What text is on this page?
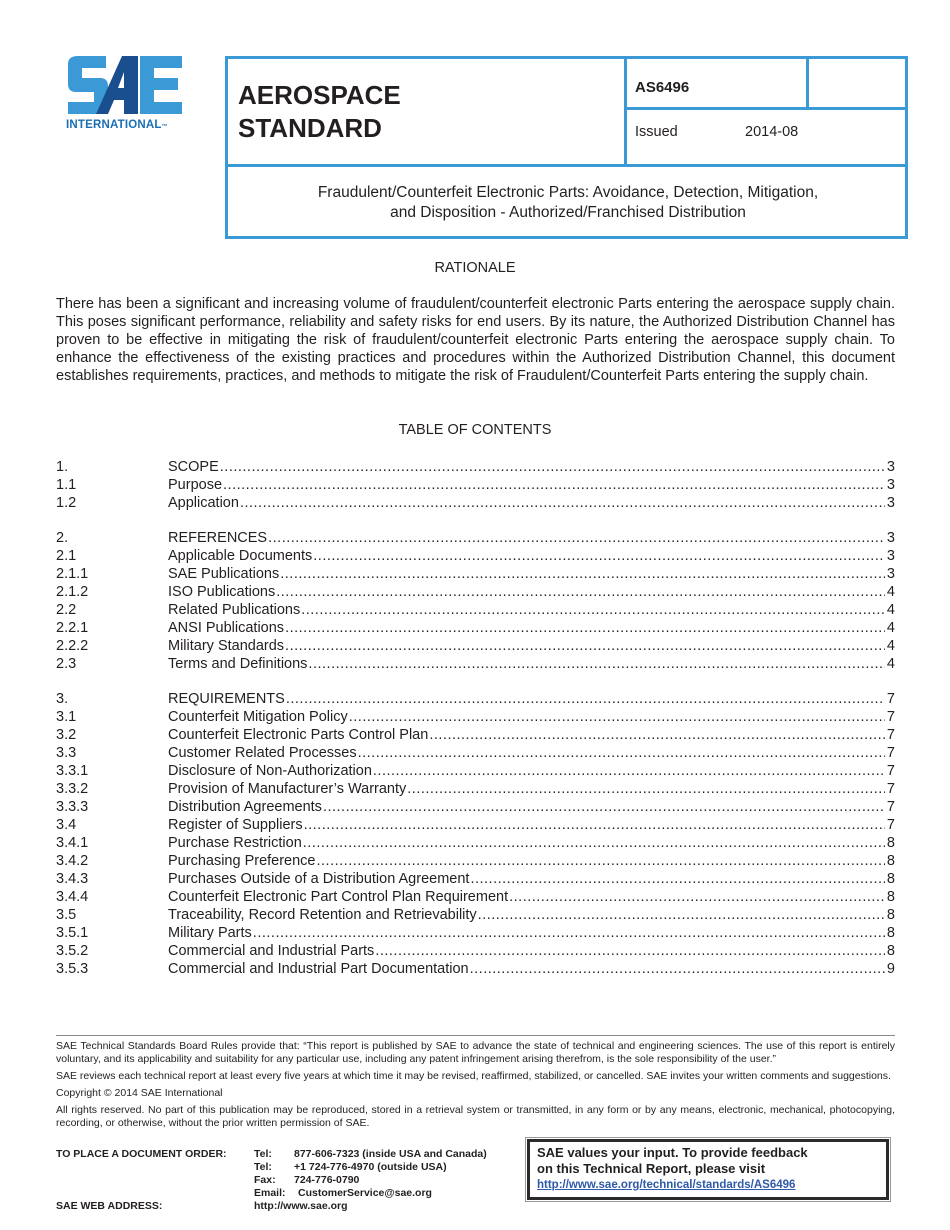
INTERNATIONAL™
AEROSPACE
STANDARD
AS6496
Issued	2014-08
Fraudulent/Counterfeit Electronic Parts: Avoidance, Detection, Mitigation,
and Disposition - Authorized/Franchised Distribution
RATIONALE
There has been a significant and increasing volume of fraudulent/counterfeit electronic Parts entering the aerospace supply chain. This poses significant performance, reliability and safety risks for end users. By its nature, the Authorized Distribution Channel has proven to be effective in mitigating the risk of fraudulent/counterfeit electronic Parts entering the aerospace supply chain. To enhance the effectiveness of the existing practices and procedures within the Authorized Distribution Channel, this document establishes requirements, practices, and methods to mitigate the risk of Fraudulent/Counterfeit Parts entering the supply chain.
TABLE OF CONTENTS
1.	SCOPE .....	3
1.1	Purpose .....	3
1.2	Application .....	3
2.	REFERENCES .....	3
2.1	Applicable Documents .....	3
2.1.1	SAE Publications .....	3
2.1.2	ISO Publications .....	4
2.2	Related Publications .....	4
2.2.1	ANSI Publications .....	4
2.2.2	Military Standards .....	4
2.3	Terms and Definitions .....	4
3.	REQUIREMENTS .....	7
3.1	Counterfeit Mitigation Policy .....	7
3.2	Counterfeit Electronic Parts Control Plan .....	7
3.3	Customer Related Processes .....	7
3.3.1	Disclosure of Non-Authorization .....	7
3.3.2	Provision of Manufacturer’s Warranty .....	7
3.3.3	Distribution Agreements .....	7
3.4	Register of Suppliers .....	7
3.4.1	Purchase Restriction .....	8
3.4.2	Purchasing Preference .....	8
3.4.3	Purchases Outside of a Distribution Agreement .....	8
3.4.4	Counterfeit Electronic Part Control Plan Requirement .....	8
3.5	Traceability, Record Retention and Retrievability .....	8
3.5.1	Military Parts .....	8
3.5.2	Commercial and Industrial Parts .....	8
3.5.3	Commercial and Industrial Part Documentation .....	9

SAE Technical Standards Board Rules provide that: “This report is published by SAE to advance the state of technical and engineering sciences. The use of this report is entirely voluntary, and its applicability and suitability for any particular use, including any patent infringement arising therefrom, is the sole responsibility of the user.”

SAE reviews each technical report at least every five years at which time it may be revised, reaffirmed, stabilized, or cancelled. SAE invites your written comments and suggestions.

Copyright © 2014 SAE International

All rights reserved. No part of this publication may be reproduced, stored in a retrieval system or transmitted, in any form or by any means, electronic, mechanical, photocopying, recording, or otherwise, without the prior written permission of SAE.

TO PLACE A DOCUMENT ORDER:	Tel:	877-606-7323 (inside USA and Canada)
Tel:	+1 724-776-4970 (outside USA)
Fax:	724-776-0790
Email:	CustomerService@sae.org
SAE WEB ADDRESS:	http://www.sae.org
SAE values your input. To provide feedback
on this Technical Report, please visit
http://www.sae.org/technical/standards/AS6496
